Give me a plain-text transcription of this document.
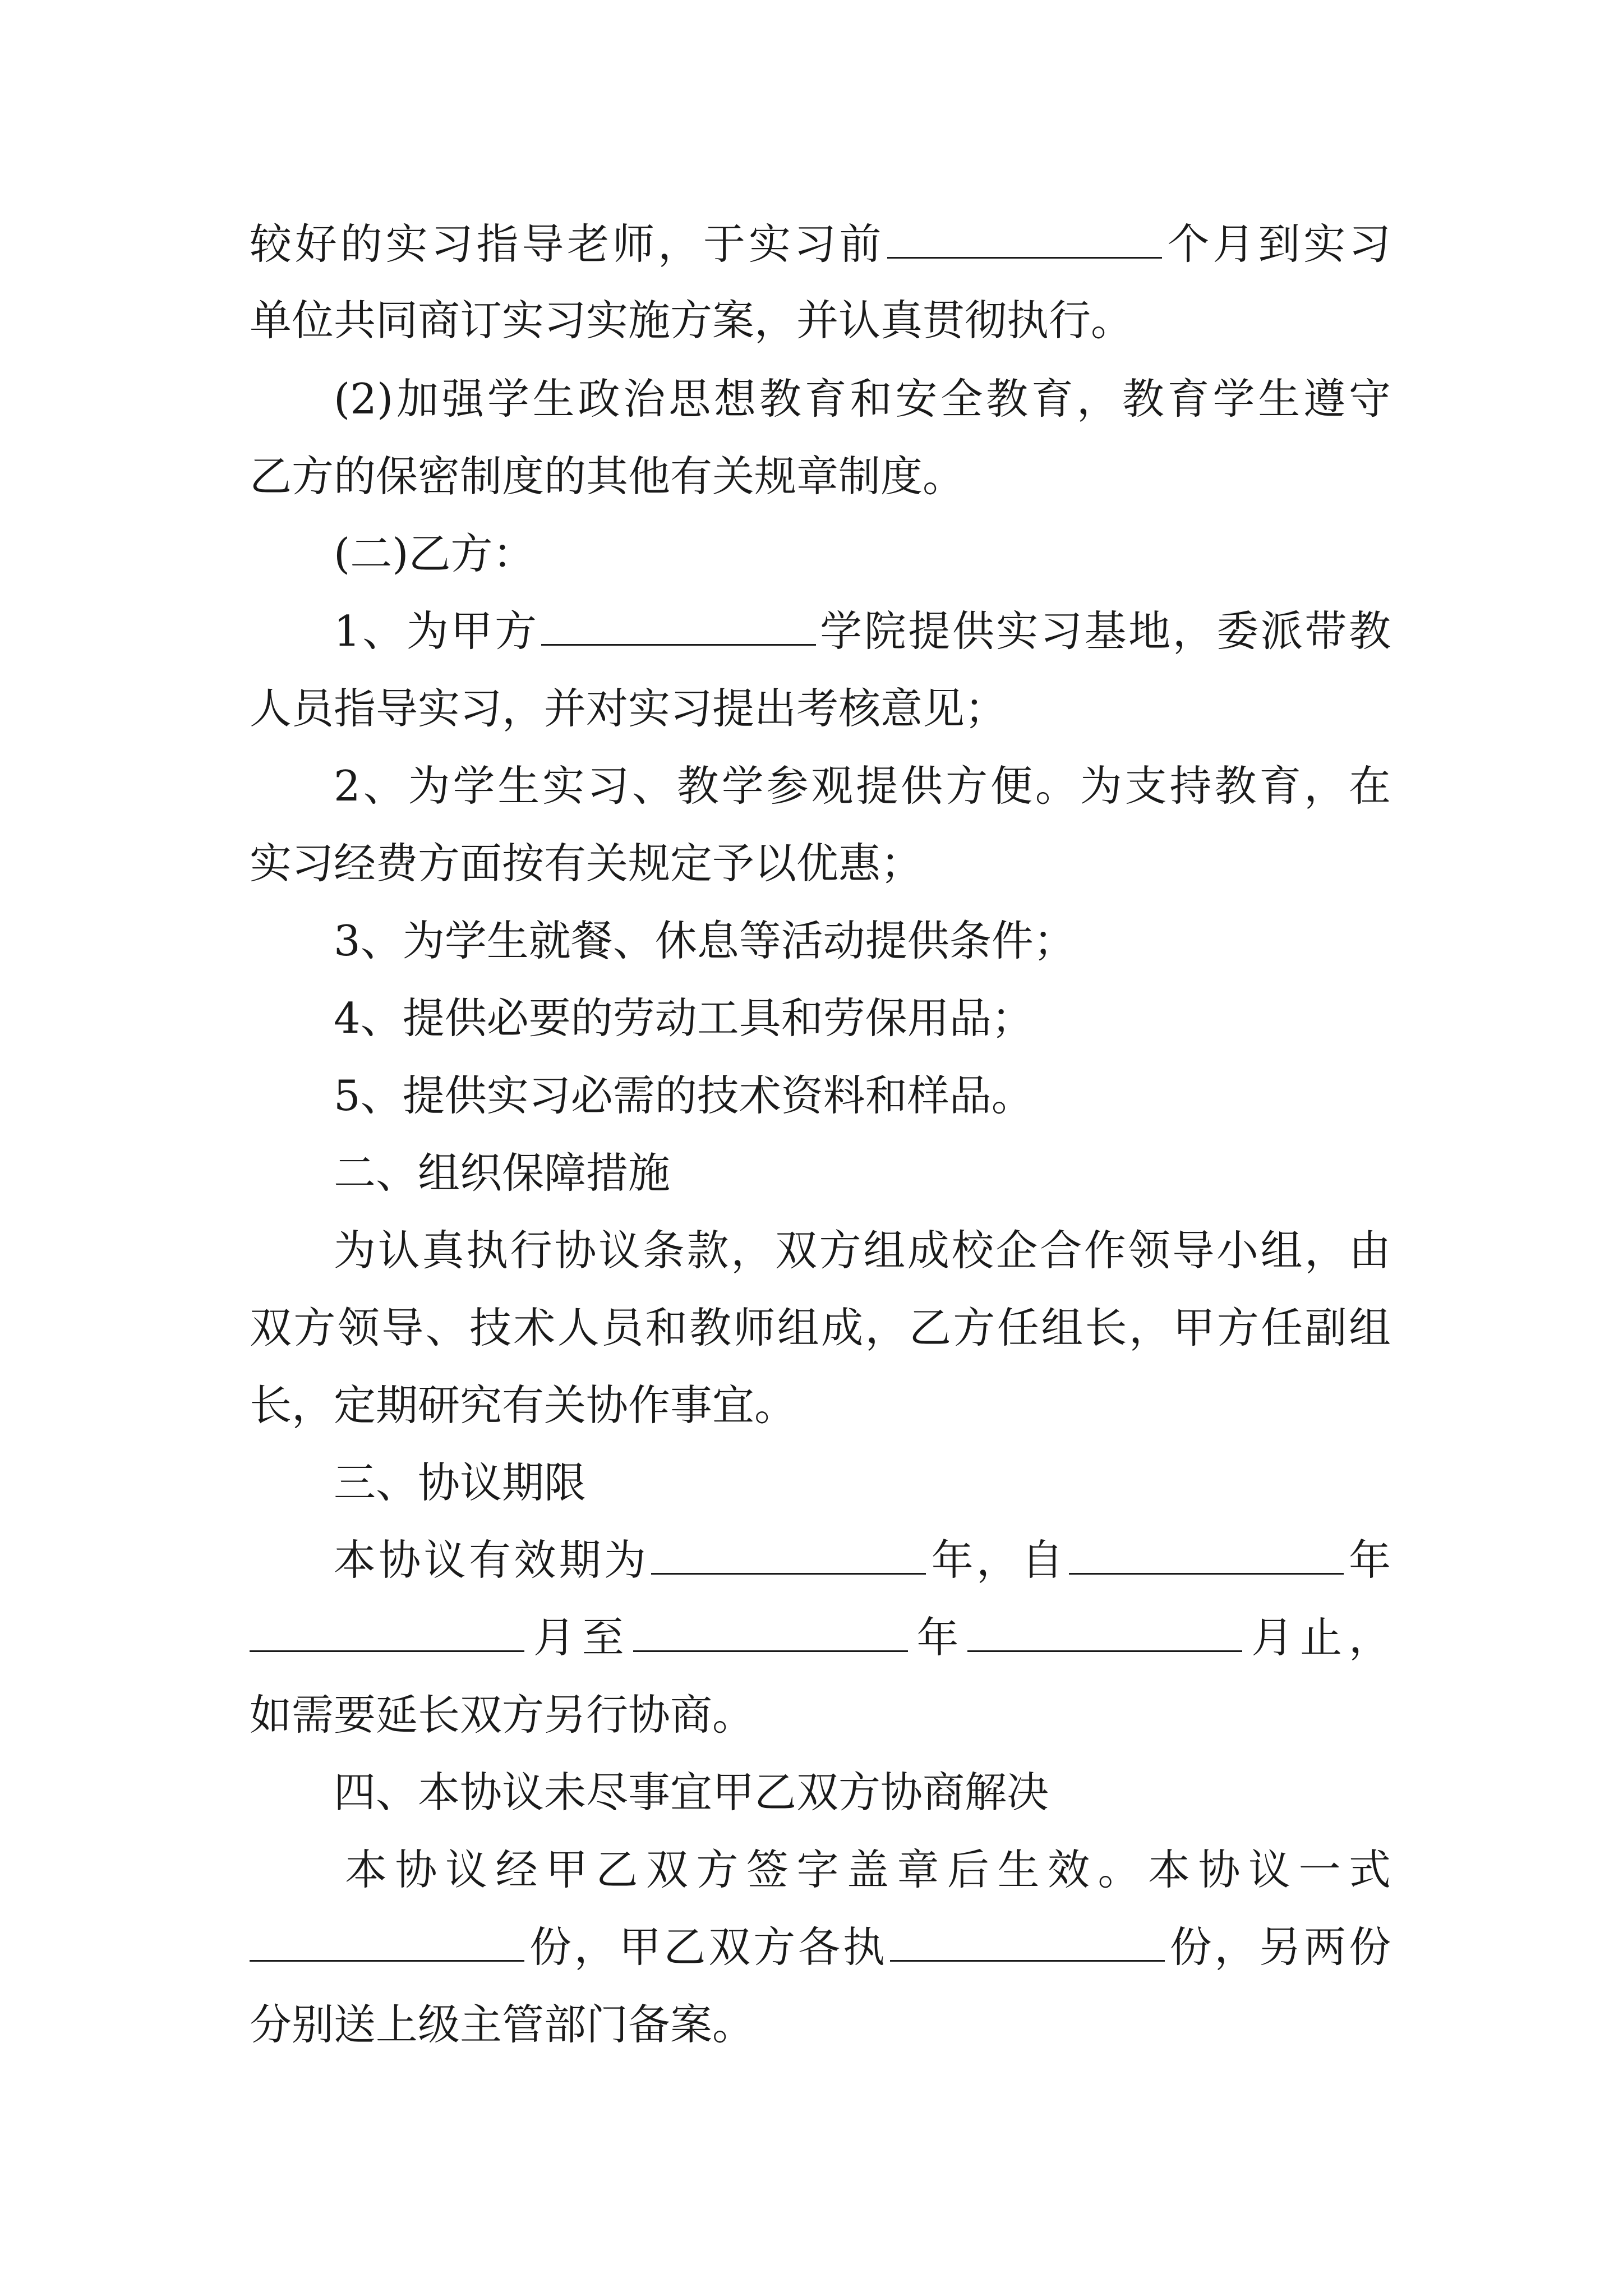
较好的实习指导老师，于实习前	个月到实习
单位共同商订实习实施方案，并认真贯彻执行。
(2)加强学生政治思想教育和安全教育，教育学生遵守
乙方的保密制度的其他有关规章制度。
(二)乙方：
1、为甲方	学院提供实习基地，委派带教
人员指导实习，并对实习提出考核意见；
2、为学生实习、教学参观提供方便。为支持教育，在
实习经费方面按有关规定予以优惠；
3、为学生就餐、休息等活动提供条件；
4、提供必要的劳动工具和劳保用品；
5、提供实习必需的技术资料和样品。
二、组织保障措施
为认真执行协议条款，双方组成校企合作领导小组，由
双方领导、技术人员和教师组成，乙方任组长，甲方任副组
长，定期研究有关协作事宜。
三、协议期限
本协议有效期为	年，自	年
月至	年	月止，
如需要延长双方另行协商。
四、本协议未尽事宜甲乙双方协商解决
本协议经甲乙双方签字盖章后生效。本协议一式
份，甲乙双方各执	份，另两份
分别送上级主管部门备案。
